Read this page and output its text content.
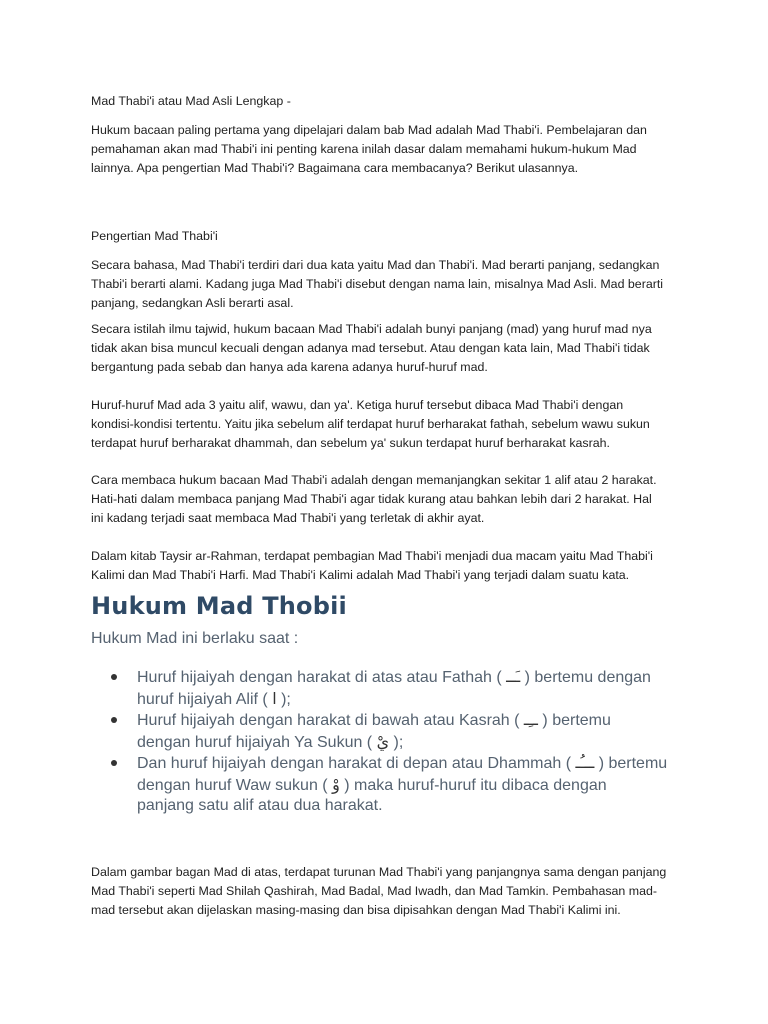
Mad Thabi'i atau Mad Asli Lengkap -
Hukum bacaan paling pertama yang dipelajari dalam bab Mad adalah Mad Thabi'i. Pembelajaran dan
pemahaman akan mad Thabi'i ini penting karena inilah dasar dalam memahami hukum-hukum Mad
lainnya. Apa pengertian Mad Thabi'i? Bagaimana cara membacanya? Berikut ulasannya.
Pengertian Mad Thabi'i
Secara bahasa, Mad Thabi'i terdiri dari dua kata yaitu Mad dan Thabi'i. Mad berarti panjang, sedangkan
Thabi'i berarti alami. Kadang juga Mad Thabi'i disebut dengan nama lain, misalnya Mad Asli. Mad berarti
panjang, sedangkan Asli berarti asal.
Secara istilah ilmu tajwid, hukum bacaan Mad Thabi'i adalah bunyi panjang (mad) yang huruf mad nya
tidak akan bisa muncul kecuali dengan adanya mad tersebut. Atau dengan kata lain, Mad Thabi'i tidak
bergantung pada sebab dan hanya ada karena adanya huruf-huruf mad.
Huruf-huruf Mad ada 3 yaitu alif, wawu, dan ya'. Ketiga huruf tersebut dibaca Mad Thabi'i dengan
kondisi-kondisi tertentu. Yaitu jika sebelum alif terdapat huruf berharakat fathah, sebelum wawu sukun
terdapat huruf berharakat dhammah, dan sebelum ya' sukun terdapat huruf berharakat kasrah.
Cara membaca hukum bacaan Mad Thabi'i adalah dengan memanjangkan sekitar 1 alif atau 2 harakat.
Hati-hati dalam membaca panjang Mad Thabi'i agar tidak kurang atau bahkan lebih dari 2 harakat. Hal
ini kadang terjadi saat membaca Mad Thabi'i yang terletak di akhir ayat.
Dalam kitab Taysir ar-Rahman, terdapat pembagian Mad Thabi'i menjadi dua macam yaitu Mad Thabi'i
Kalimi dan Mad Thabi'i Harfi. Mad Thabi'i Kalimi adalah Mad Thabi'i yang terjadi dalam suatu kata.
Hukum Mad Thobii
Hukum Mad ini berlaku saat :
Huruf hijaiyah dengan harakat di atas atau Fathah ( ـَــ ) bertemu dengan huruf hijaiyah Alif ( ا );
Huruf hijaiyah dengan harakat di bawah atau Kasrah ( ــِـ ) bertemu dengan huruf hijaiyah Ya Sukun ( يْ );
Dan huruf hijaiyah dengan harakat di depan atau Dhammah ( ـــُـ ) bertemu dengan huruf Waw sukun ( وْ ) maka huruf-huruf itu dibaca dengan panjang satu alif atau dua harakat.
Dalam gambar bagan Mad di atas, terdapat turunan Mad Thabi'i yang panjangnya sama dengan panjang
Mad Thabi'i seperti Mad Shilah Qashirah, Mad Badal, Mad Iwadh, dan Mad Tamkin. Pembahasan mad-
mad tersebut akan dijelaskan masing-masing dan bisa dipisahkan dengan Mad Thabi'i Kalimi ini.
